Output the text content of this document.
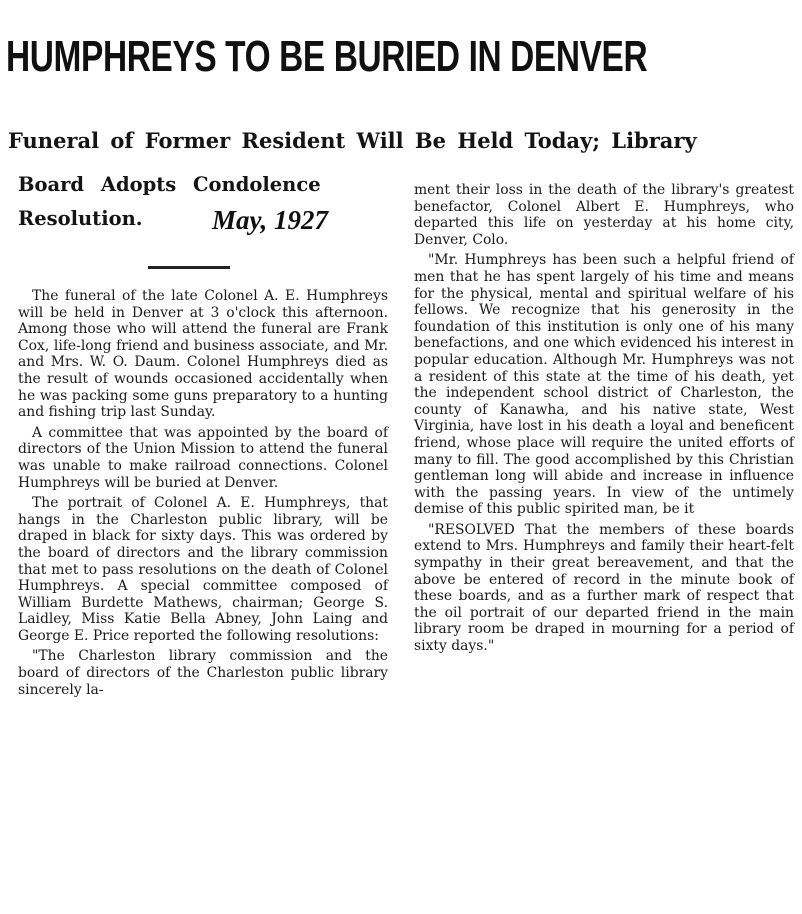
HUMPHREYS TO BE BURIED IN DENVER
Funeral of Former Resident Will Be Held Today; Library
Board Adopts Condolence Resolution.	May, 1927

The funeral of the late Colonel A. E. Humphreys will be held in Denver at 3 o'clock this afternoon. Among those who will attend the funeral are Frank Cox, life-long friend and business associate, and Mr. and Mrs. W. O. Daum. Colonel Humphreys died as the result of wounds occasioned accidentally when he was packing some guns preparatory to a hunting and fishing trip last Sunday.

A committee that was appointed by the board of directors of the Union Mission to attend the funeral was unable to make railroad connections. Colonel Humphreys will be buried at Denver.

The portrait of Colonel A. E. Humphreys, that hangs in the Charleston public library, will be draped in black for sixty days. This was ordered by the board of directors and the library commission that met to pass resolutions on the death of Colonel Humphreys. A special committee composed of William Burdette Mathews, chairman; George S. Laidley, Miss Katie Bella Abney, John Laing and George E. Price reported the following resolutions:

"The Charleston library commission and the board of directors of the Charleston public library sincerely la-

ment their loss in the death of the library's greatest benefactor, Colonel Albert E. Humphreys, who departed this life on yesterday at his home city, Denver, Colo.

"Mr. Humphreys has been such a helpful friend of men that he has spent largely of his time and means for the physical, mental and spiritual welfare of his fellows. We recognize that his generosity in the foundation of this institution is only one of his many benefactions, and one which evidenced his interest in popular education. Although Mr. Humphreys was not a resident of this state at the time of his death, yet the independent school district of Charleston, the county of Kanawha, and his native state, West Virginia, have lost in his death a loyal and beneficent friend, whose place will require the united efforts of many to fill. The good accomplished by this Christian gentleman long will abide and increase in influence with the passing years. In view of the untimely demise of this public spirited man, be it

"RESOLVED That the members of these boards extend to Mrs. Humphreys and family their heart-felt sympathy in their great bereavement, and that the above be entered of record in the minute book of these boards, and as a further mark of respect that the oil portrait of our departed friend in the main library room be draped in mourning for a period of sixty days."
